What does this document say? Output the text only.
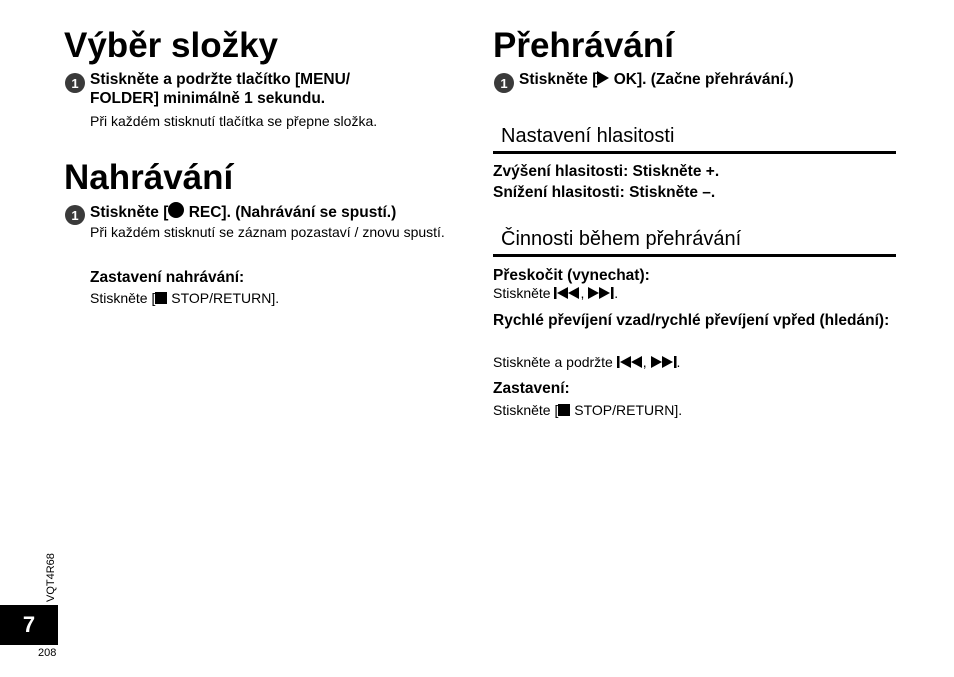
Výběr složky
1 Stiskněte a podržte tlačítko [MENU/ FOLDER] minimálně 1 sekundu.
Při každém stisknutí tlačítka se přepne složka.
Nahrávání
1 Stiskněte [ REC]. (Nahrávání se spustí.)
Při každém stisknutí se záznam pozastaví / znovu spustí.
Zastavení nahrávání:
Stiskněte [ STOP/RETURN].
Přehrávání
1 Stiskněte [ OK]. (Začne přehrávání.)
Nastavení hlasitosti
Zvýšení hlasitosti: Stiskněte +.
Snížení hlasitosti: Stiskněte –.
Činnosti během přehrávání
Přeskočit (vynechat):
Stiskněte , .
Rychlé převíjení vzad/rychlé převíjení vpřed (hledání):
Stiskněte a podržte , .
Zastavení:
Stiskněte [ STOP/RETURN].
VQT4R68
7
208
